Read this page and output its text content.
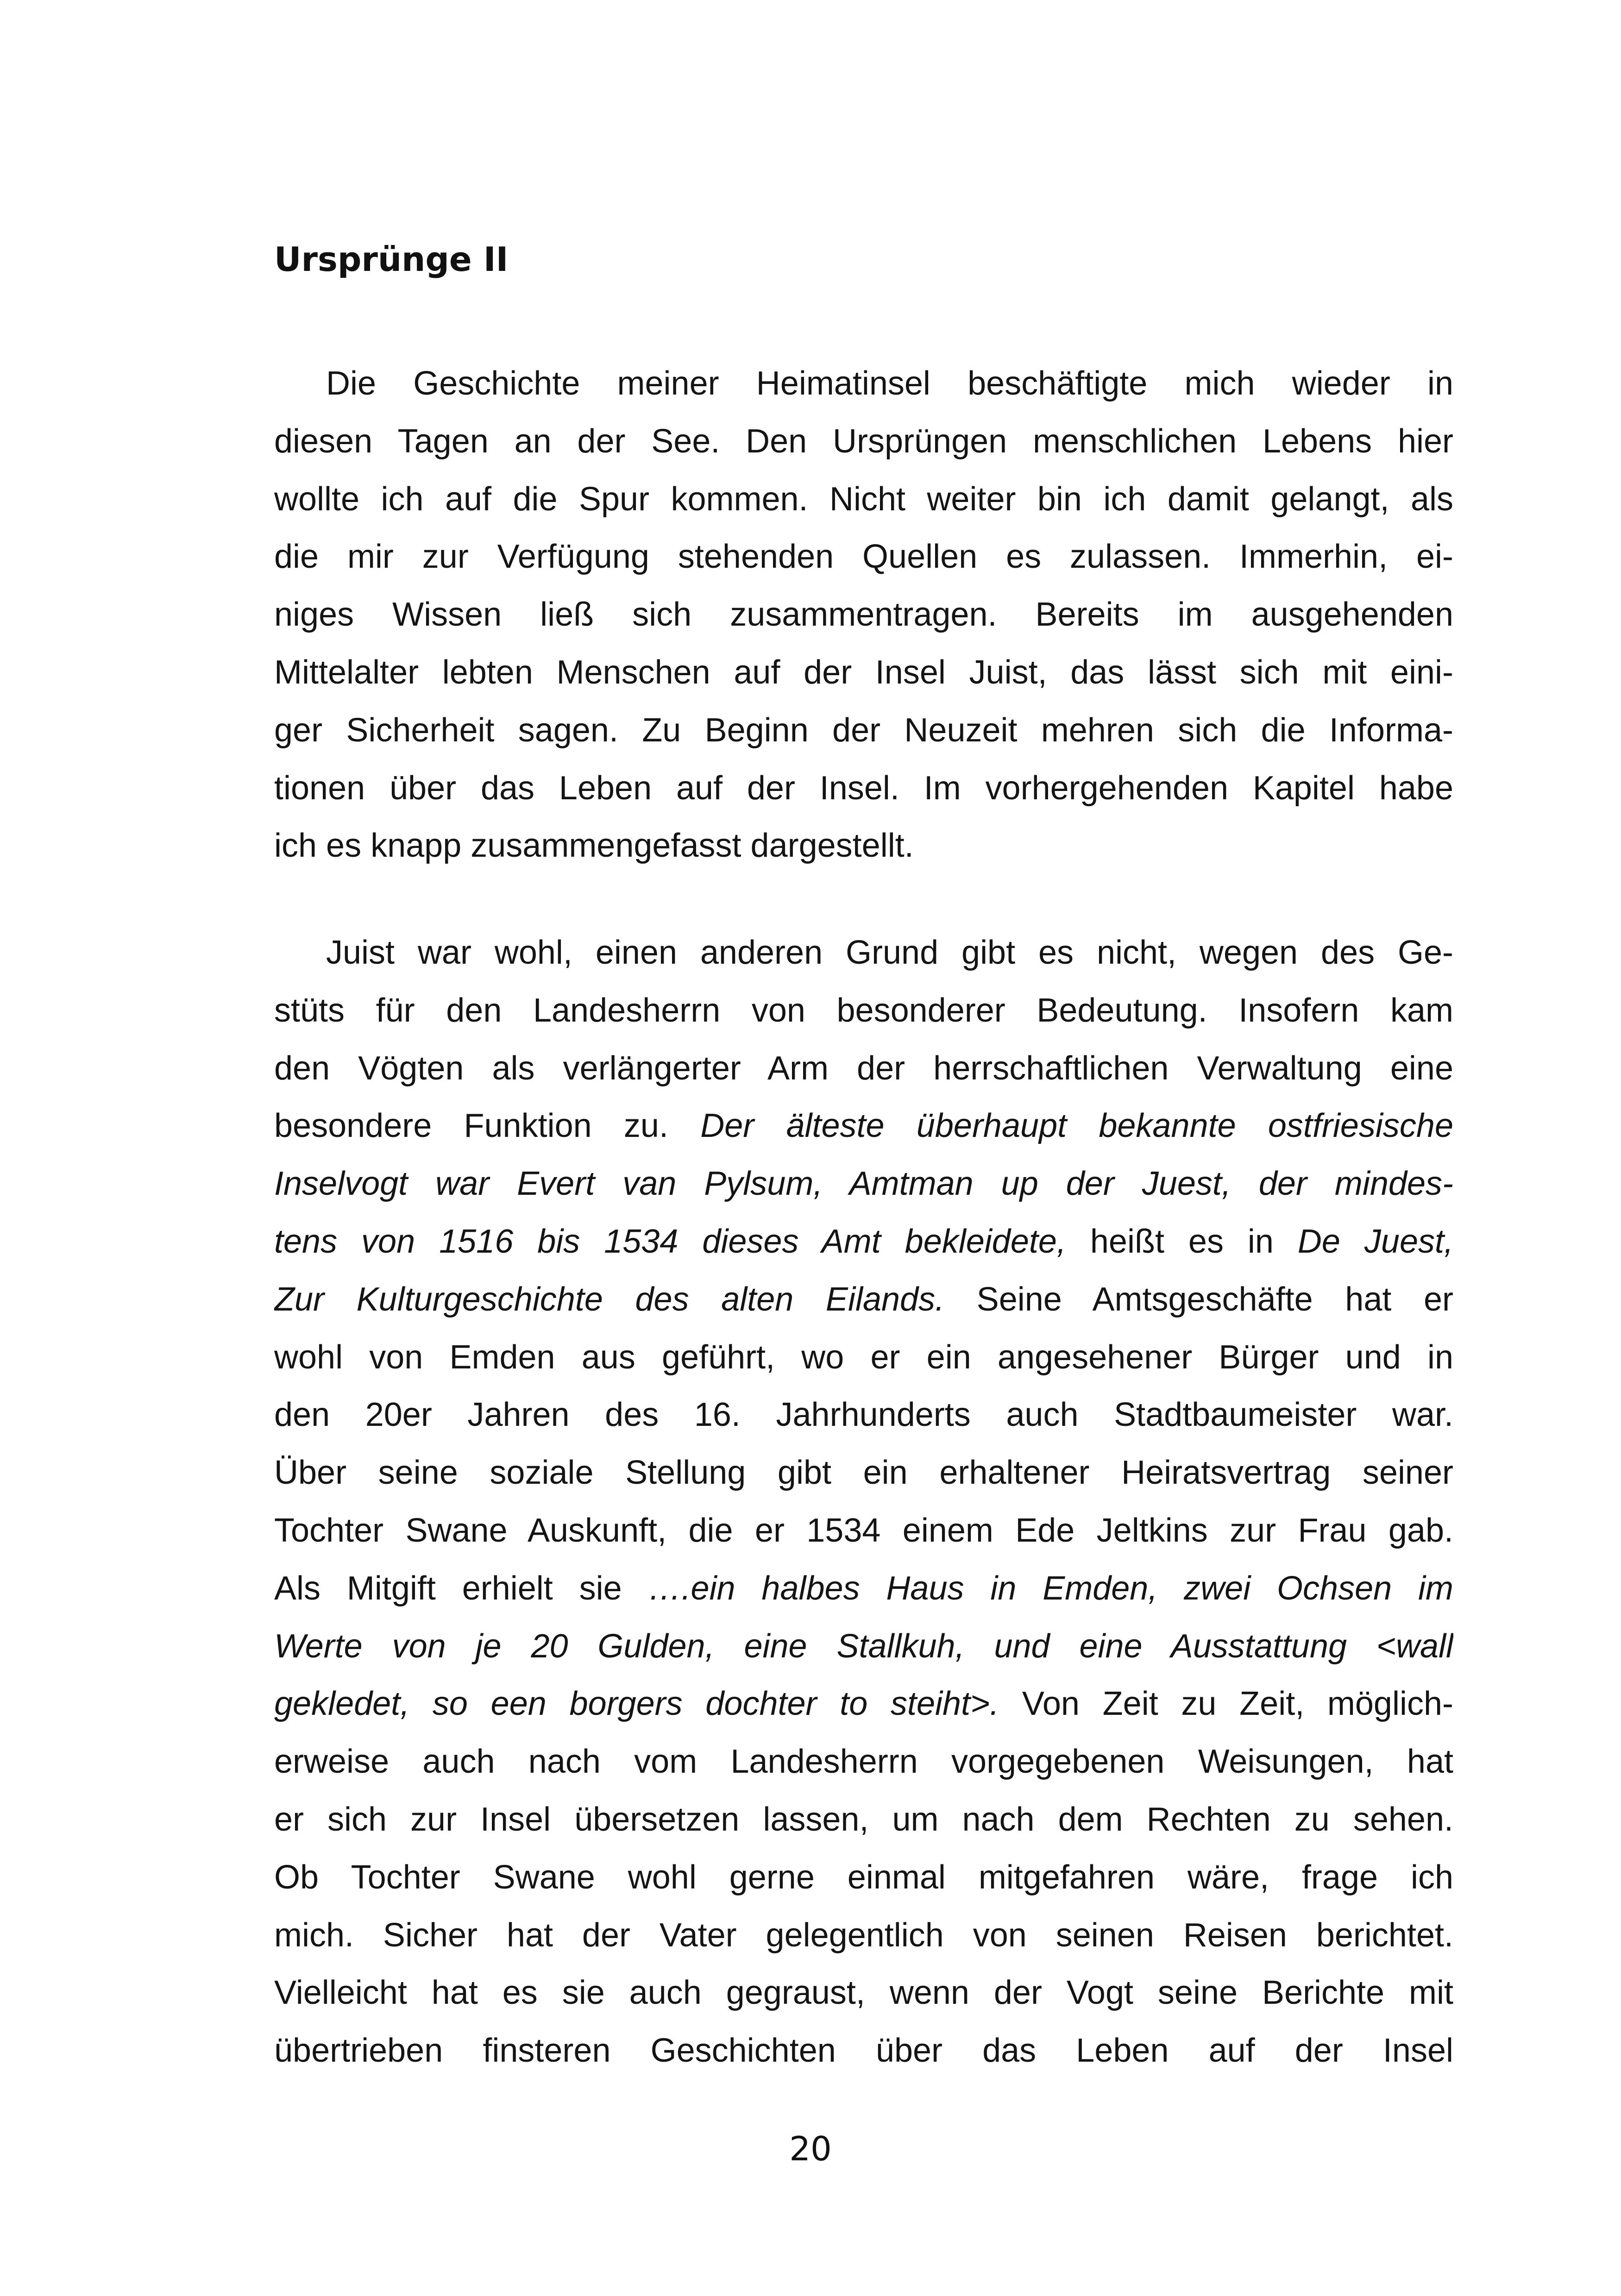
Ursprünge II
Die Geschichte meiner Heimatinsel beschäftigte mich wieder in
diesen Tagen an der See. Den Ursprüngen menschlichen Lebens hier
wollte ich auf die Spur kommen. Nicht weiter bin ich damit gelangt, als
die mir zur Verfügung stehenden Quellen es zulassen. Immerhin, ei-
niges Wissen ließ sich zusammentragen. Bereits im ausgehenden
Mittelalter lebten Menschen auf der Insel Juist, das lässt sich mit eini-
ger Sicherheit sagen. Zu Beginn der Neuzeit mehren sich die Informa-
tionen über das Leben auf der Insel. Im vorhergehenden Kapitel habe
ich es knapp zusammengefasst dargestellt.
Juist war wohl, einen anderen Grund gibt es nicht, wegen des Ge-
stüts für den Landesherrn von besonderer Bedeutung. Insofern kam
den Vögten als verlängerter Arm der herrschaftlichen Verwaltung eine
besondere Funktion zu. Der älteste überhaupt bekannte ostfriesische
Inselvogt war Evert van Pylsum, Amtman up der Juest, der mindes-
tens von 1516 bis 1534 dieses Amt bekleidete, heißt es in De Juest,
Zur Kulturgeschichte des alten Eilands. Seine Amtsgeschäfte hat er
wohl von Emden aus geführt, wo er ein angesehener Bürger und in
den 20er Jahren des 16. Jahrhunderts auch Stadtbaumeister war.
Über seine soziale Stellung gibt ein erhaltener Heiratsvertrag seiner
Tochter Swane Auskunft, die er 1534 einem Ede Jeltkins zur Frau gab.
Als Mitgift erhielt sie ….ein halbes Haus in Emden, zwei Ochsen im
Werte von je 20 Gulden, eine Stallkuh, und eine Ausstattung <wall
gekledet, so een borgers dochter to steiht>. Von Zeit zu Zeit, möglich-
erweise auch nach vom Landesherrn vorgegebenen Weisungen, hat
er sich zur Insel übersetzen lassen, um nach dem Rechten zu sehen.
Ob Tochter Swane wohl gerne einmal mitgefahren wäre, frage ich
mich. Sicher hat der Vater gelegentlich von seinen Reisen berichtet.
Vielleicht hat es sie auch gegraust, wenn der Vogt seine Berichte mit
übertrieben finsteren Geschichten über das Leben auf der Insel
20
